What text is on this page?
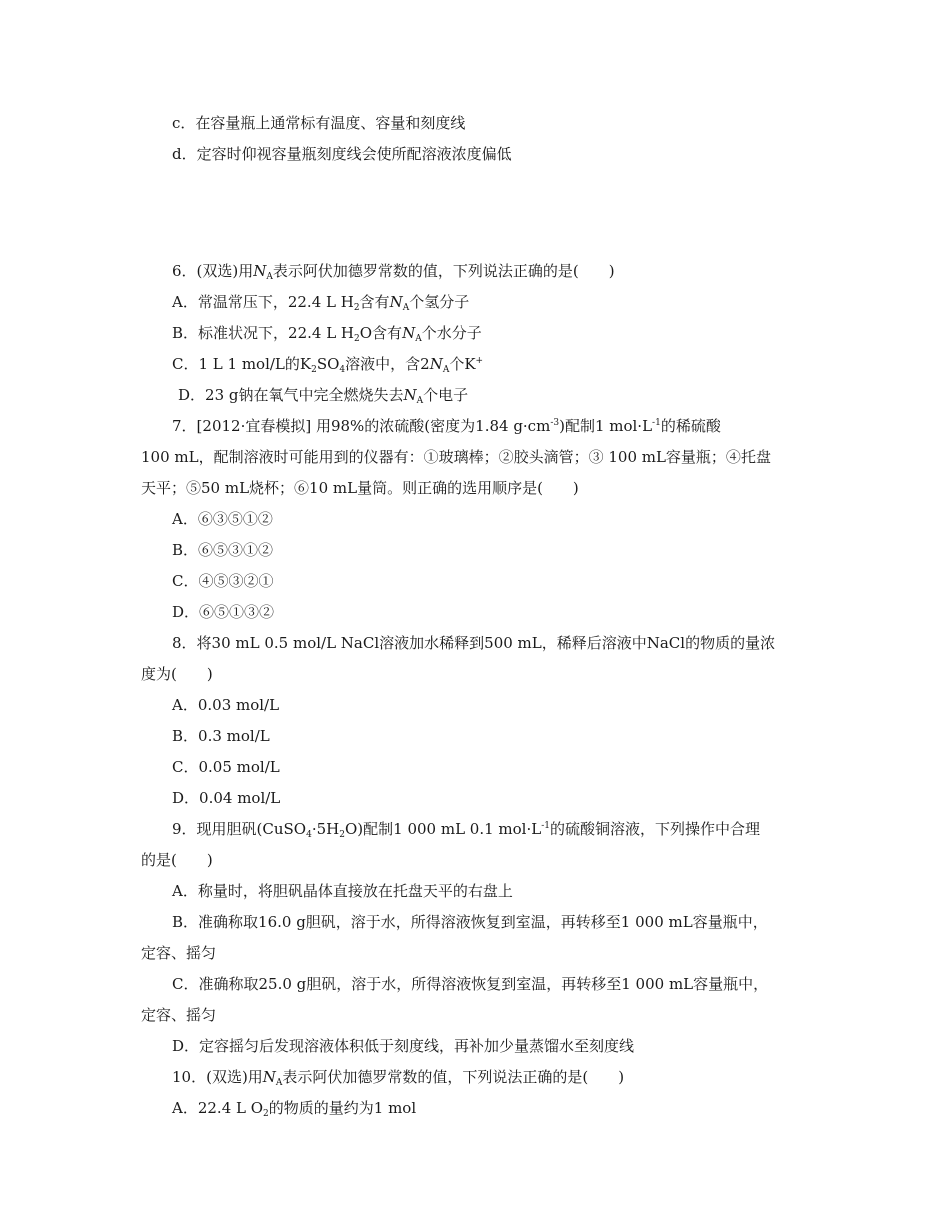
c．在容量瓶上通常标有温度、容量和刻度线
d．定容时仰视容量瓶刻度线会使所配溶液浓度偏低
6．(双选)用$N_A$表示阿伏加德罗常数的值，下列说法正确的是(　　)
A．常温常压下，22.4 L $H_2$含有$N_A$个氢分子
B．标准状况下，22.4 L $H_2O$含有$N_A$个水分子
C．1 L 1 mol/L的$K_2SO_4$溶液中，含$2N_A$个K+
D．23 g钠在氧气中完全燃烧失去$N_A$个电子
7．[2012·宜春模拟] 用98%的浓硫酸(密度为1.84 $g\cdot cm^{-3}$)配制1 $mol\cdot L^{-1}$的稀硫酸
100 mL，配制溶液时可能用到的仪器有：①玻璃棒；②胶头滴管；③ 100 mL容量瓶；④托盘
天平；⑤50 mL烧杯；⑥10 mL量筒。则正确的选用顺序是(　　)
A．⑥③⑤①②
B．⑥⑤③①②
C．④⑤③②①
D．⑥⑤①③②
8．将30 mL 0.5 mol/L NaCl溶液加水稀释到500 mL，稀释后溶液中NaCl的物质的量浓
度为(　　)
A．0.03 mol/L
B．0.3 mol/L
C．0.05 mol/L
D．0.04 mol/L
9．现用胆矾$(CuSO_4\cdot 5H_2O)$配制1 000 mL 0.1 $mol\cdot L^{-1}$的硫酸铜溶液，下列操作中合理
的是(　　)
A．称量时，将胆矾晶体直接放在托盘天平的右盘上
B．准确称取16.0 g胆矾，溶于水，所得溶液恢复到室温，再转移至1 000 mL容量瓶中，
定容、摇匀
C．准确称取25.0 g胆矾，溶于水，所得溶液恢复到室温，再转移至1 000 mL容量瓶中，
定容、摇匀
D．定容摇匀后发现溶液体积低于刻度线，再补加少量蒸馏水至刻度线
10．(双选)用$N_A$表示阿伏加德罗常数的值，下列说法正确的是(　　)
A．22.4 L $O_2$的物质的量约为1 mol
